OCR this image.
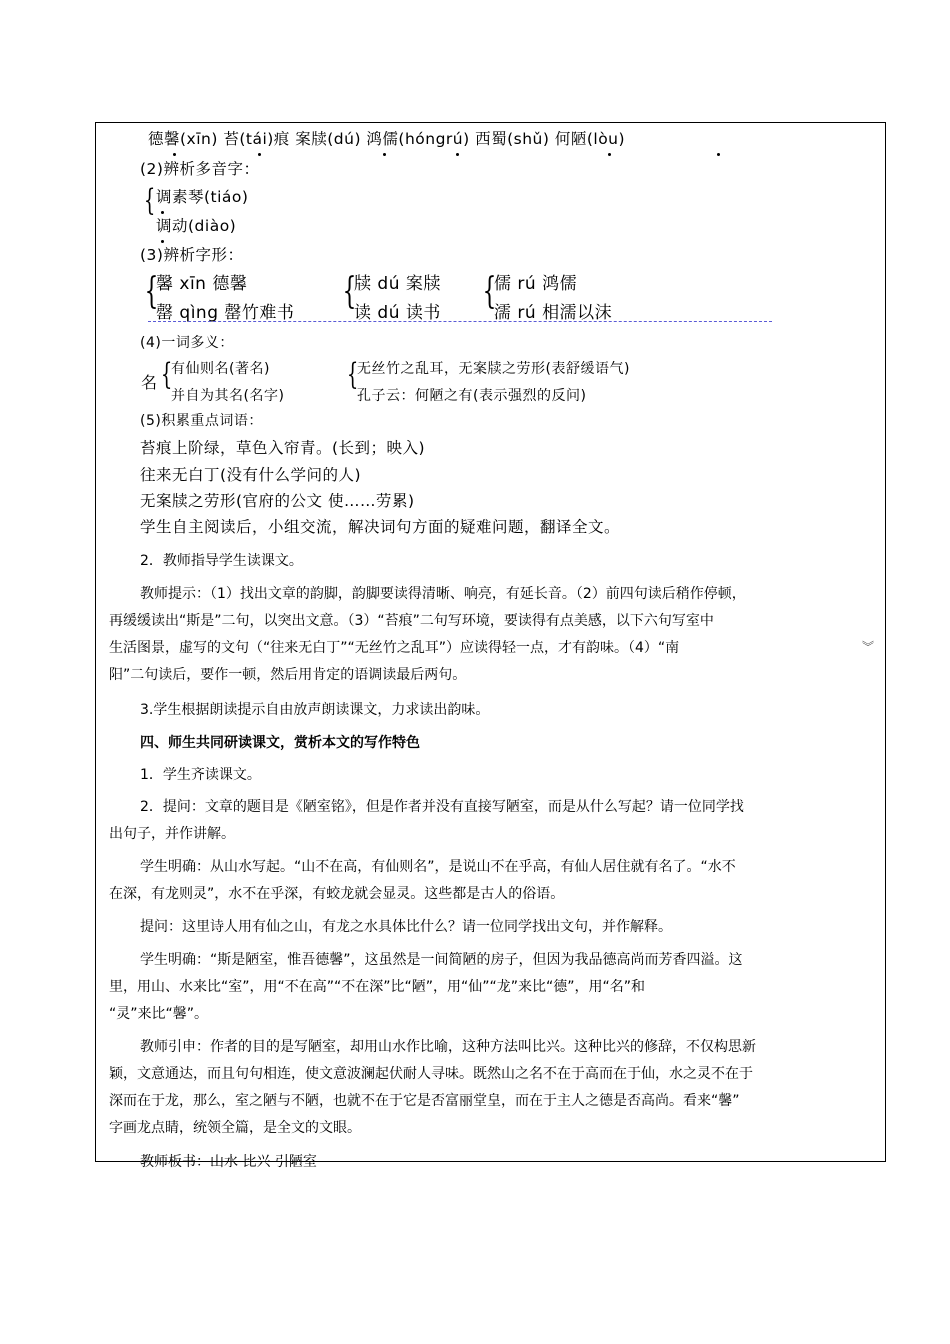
德馨(xīn) 苔(tái)痕 案牍(dú) 鸿儒(hóngrú) 西蜀(shǔ) 何陋(lòu)
(2)辨析多音字：
{ 调素琴(tiáo)
调动(diào)
(3)辨析字形：
{
馨 xīn 德馨
罄 qìng 罄竹难书
{
牍 dú 案牍
读 dú 读书
{
儒 rú 鸿儒
濡 rú 相濡以沫
(4)一词多义：
名 {
有仙则名(著名)
并自为其名(名字)
{
无丝竹之乱耳，无案牍之劳形(表舒缓语气)
孔子云：何陋之有(表示强烈的反问)
(5)积累重点词语：
苔痕上阶绿，草色入帘青。(长到；映入)
往来无白丁(没有什么学问的人)
无案牍之劳形(官府的公文 使……劳累)
学生自主阅读后，小组交流，解决词句方面的疑难问题，翻译全文。
2．教师指导学生读课文。
教师提示：（1）找出文章的韵脚，韵脚要读得清晰、响亮，有延长音。（2）前四句读后稍作停顿，
再缓缓读出“斯是”二句，以突出文意。（3）“苔痕”二句写环境，要读得有点美感，以下六句写室中
生活图景，虚写的文句（“往来无白丁”“无丝竹之乱耳”）应读得轻一点，才有韵味。（4）“南	︾
阳”二句读后，要作一顿，然后用肯定的语调读最后两句。
3.学生根据朗读提示自由放声朗读课文，力求读出韵味。
四、师生共同研读课文，赏析本文的写作特色
1．学生齐读课文。
2．提问：文章的题目是《陋室铭》，但是作者并没有直接写陋室，而是从什么写起？请一位同学找
出句子，并作讲解。
学生明确：从山水写起。“山不在高，有仙则名”，是说山不在乎高，有仙人居住就有名了。“水不
在深，有龙则灵”，水不在乎深，有蛟龙就会显灵。这些都是古人的俗语。
提问：这里诗人用有仙之山，有龙之水具体比什么？请一位同学找出文句，并作解释。
学生明确：“斯是陋室，惟吾德馨”，这虽然是一间简陋的房子，但因为我品德高尚而芳香四溢。这
里，用山、水来比“室”，用“不在高”“不在深”比“陋”，用“仙”“龙”来比“德”，用“名”和
“灵”来比“馨”。
教师引申：作者的目的是写陋室，却用山水作比喻，这种方法叫比兴。这种比兴的修辞，不仅构思新
颖，文意通达，而且句句相连，使文意波澜起伏耐人寻味。既然山之名不在于高而在于仙，水之灵不在于
深而在于龙，那么，室之陋与不陋，也就不在于它是否富丽堂皇，而在于主人之德是否高尚。看来“馨”
字画龙点睛，统领全篇，是全文的文眼。
教师板书：山水 比兴 引陋室
